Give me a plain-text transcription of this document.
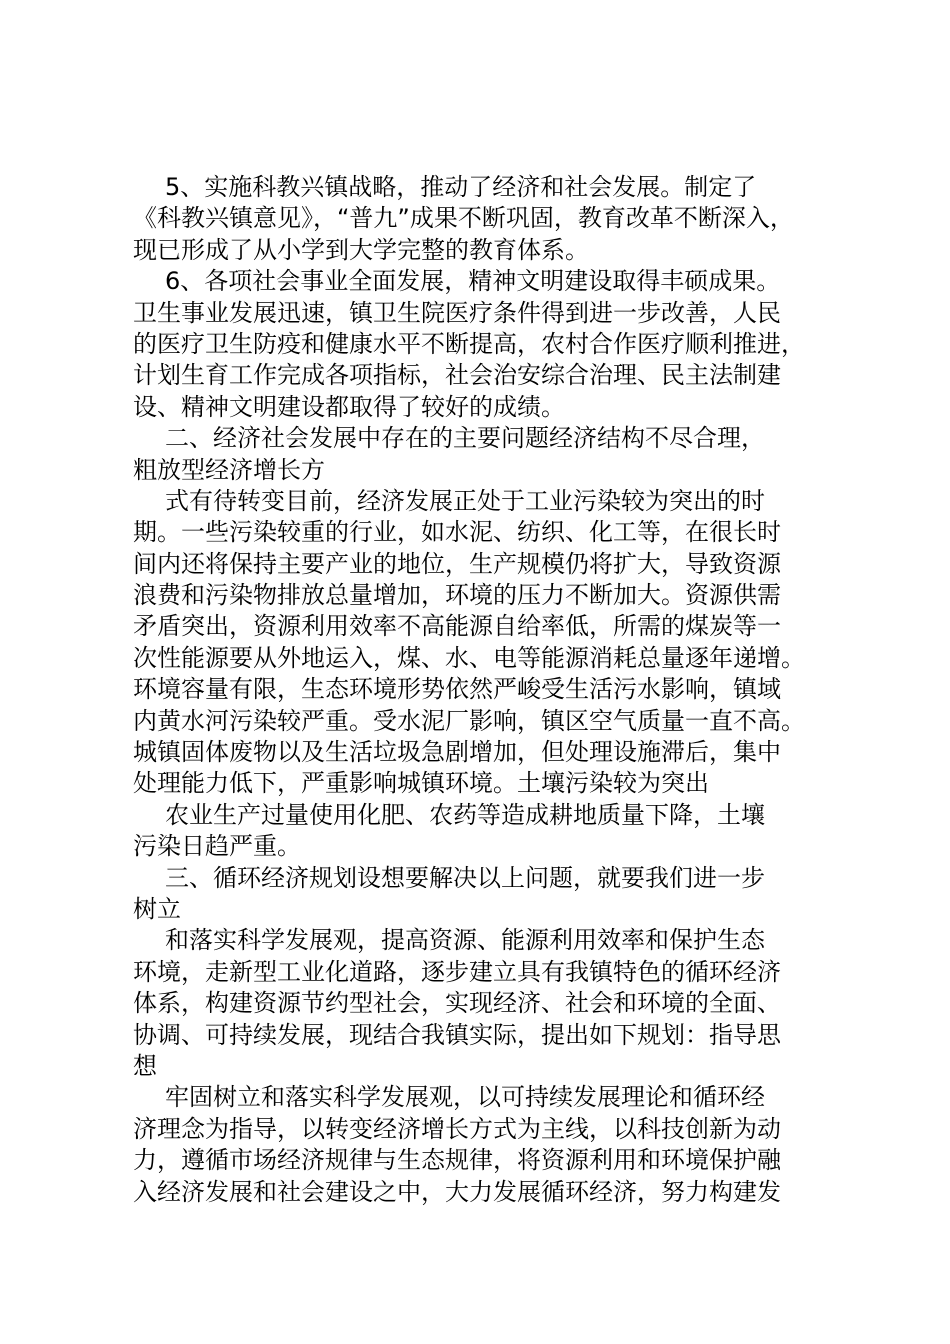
5、实施科教兴镇战略，推动了经济和社会发展。制定了
《科教兴镇意见》，“普九”成果不断巩固，教育改革不断深入，
现已形成了从小学到大学完整的教育体系。
6、各项社会事业全面发展，精神文明建设取得丰硕成果。
卫生事业发展迅速，镇卫生院医疗条件得到进一步改善，人民
的医疗卫生防疫和健康水平不断提高，农村合作医疗顺利推进，
计划生育工作完成各项指标，社会治安综合治理、民主法制建
设、精神文明建设都取得了较好的成绩。
二、经济社会发展中存在的主要问题经济结构不尽合理，
粗放型经济增长方
式有待转变目前，经济发展正处于工业污染较为突出的时
期。一些污染较重的行业，如水泥、纺织、化工等，在很长时
间内还将保持主要产业的地位，生产规模仍将扩大，导致资源
浪费和污染物排放总量增加，环境的压力不断加大。资源供需
矛盾突出，资源利用效率不高能源自给率低，所需的煤炭等一
次性能源要从外地运入，煤、水、电等能源消耗总量逐年递增。
环境容量有限，生态环境形势依然严峻受生活污水影响，镇域
内黄水河污染较严重。受水泥厂影响，镇区空气质量一直不高。
城镇固体废物以及生活垃圾急剧增加，但处理设施滞后，集中
处理能力低下，严重影响城镇环境。土壤污染较为突出
农业生产过量使用化肥、农药等造成耕地质量下降，土壤
污染日趋严重。
三、循环经济规划设想要解决以上问题，就要我们进一步
树立
和落实科学发展观，提高资源、能源利用效率和保护生态
环境，走新型工业化道路，逐步建立具有我镇特色的循环经济
体系，构建资源节约型社会，实现经济、社会和环境的全面、
协调、可持续发展，现结合我镇实际，提出如下规划：指导思
想
牢固树立和落实科学发展观，以可持续发展理论和循环经
济理念为指导，以转变经济增长方式为主线，以科技创新为动
力，遵循市场经济规律与生态规律，将资源利用和环境保护融
入经济发展和社会建设之中，大力发展循环经济，努力构建发
